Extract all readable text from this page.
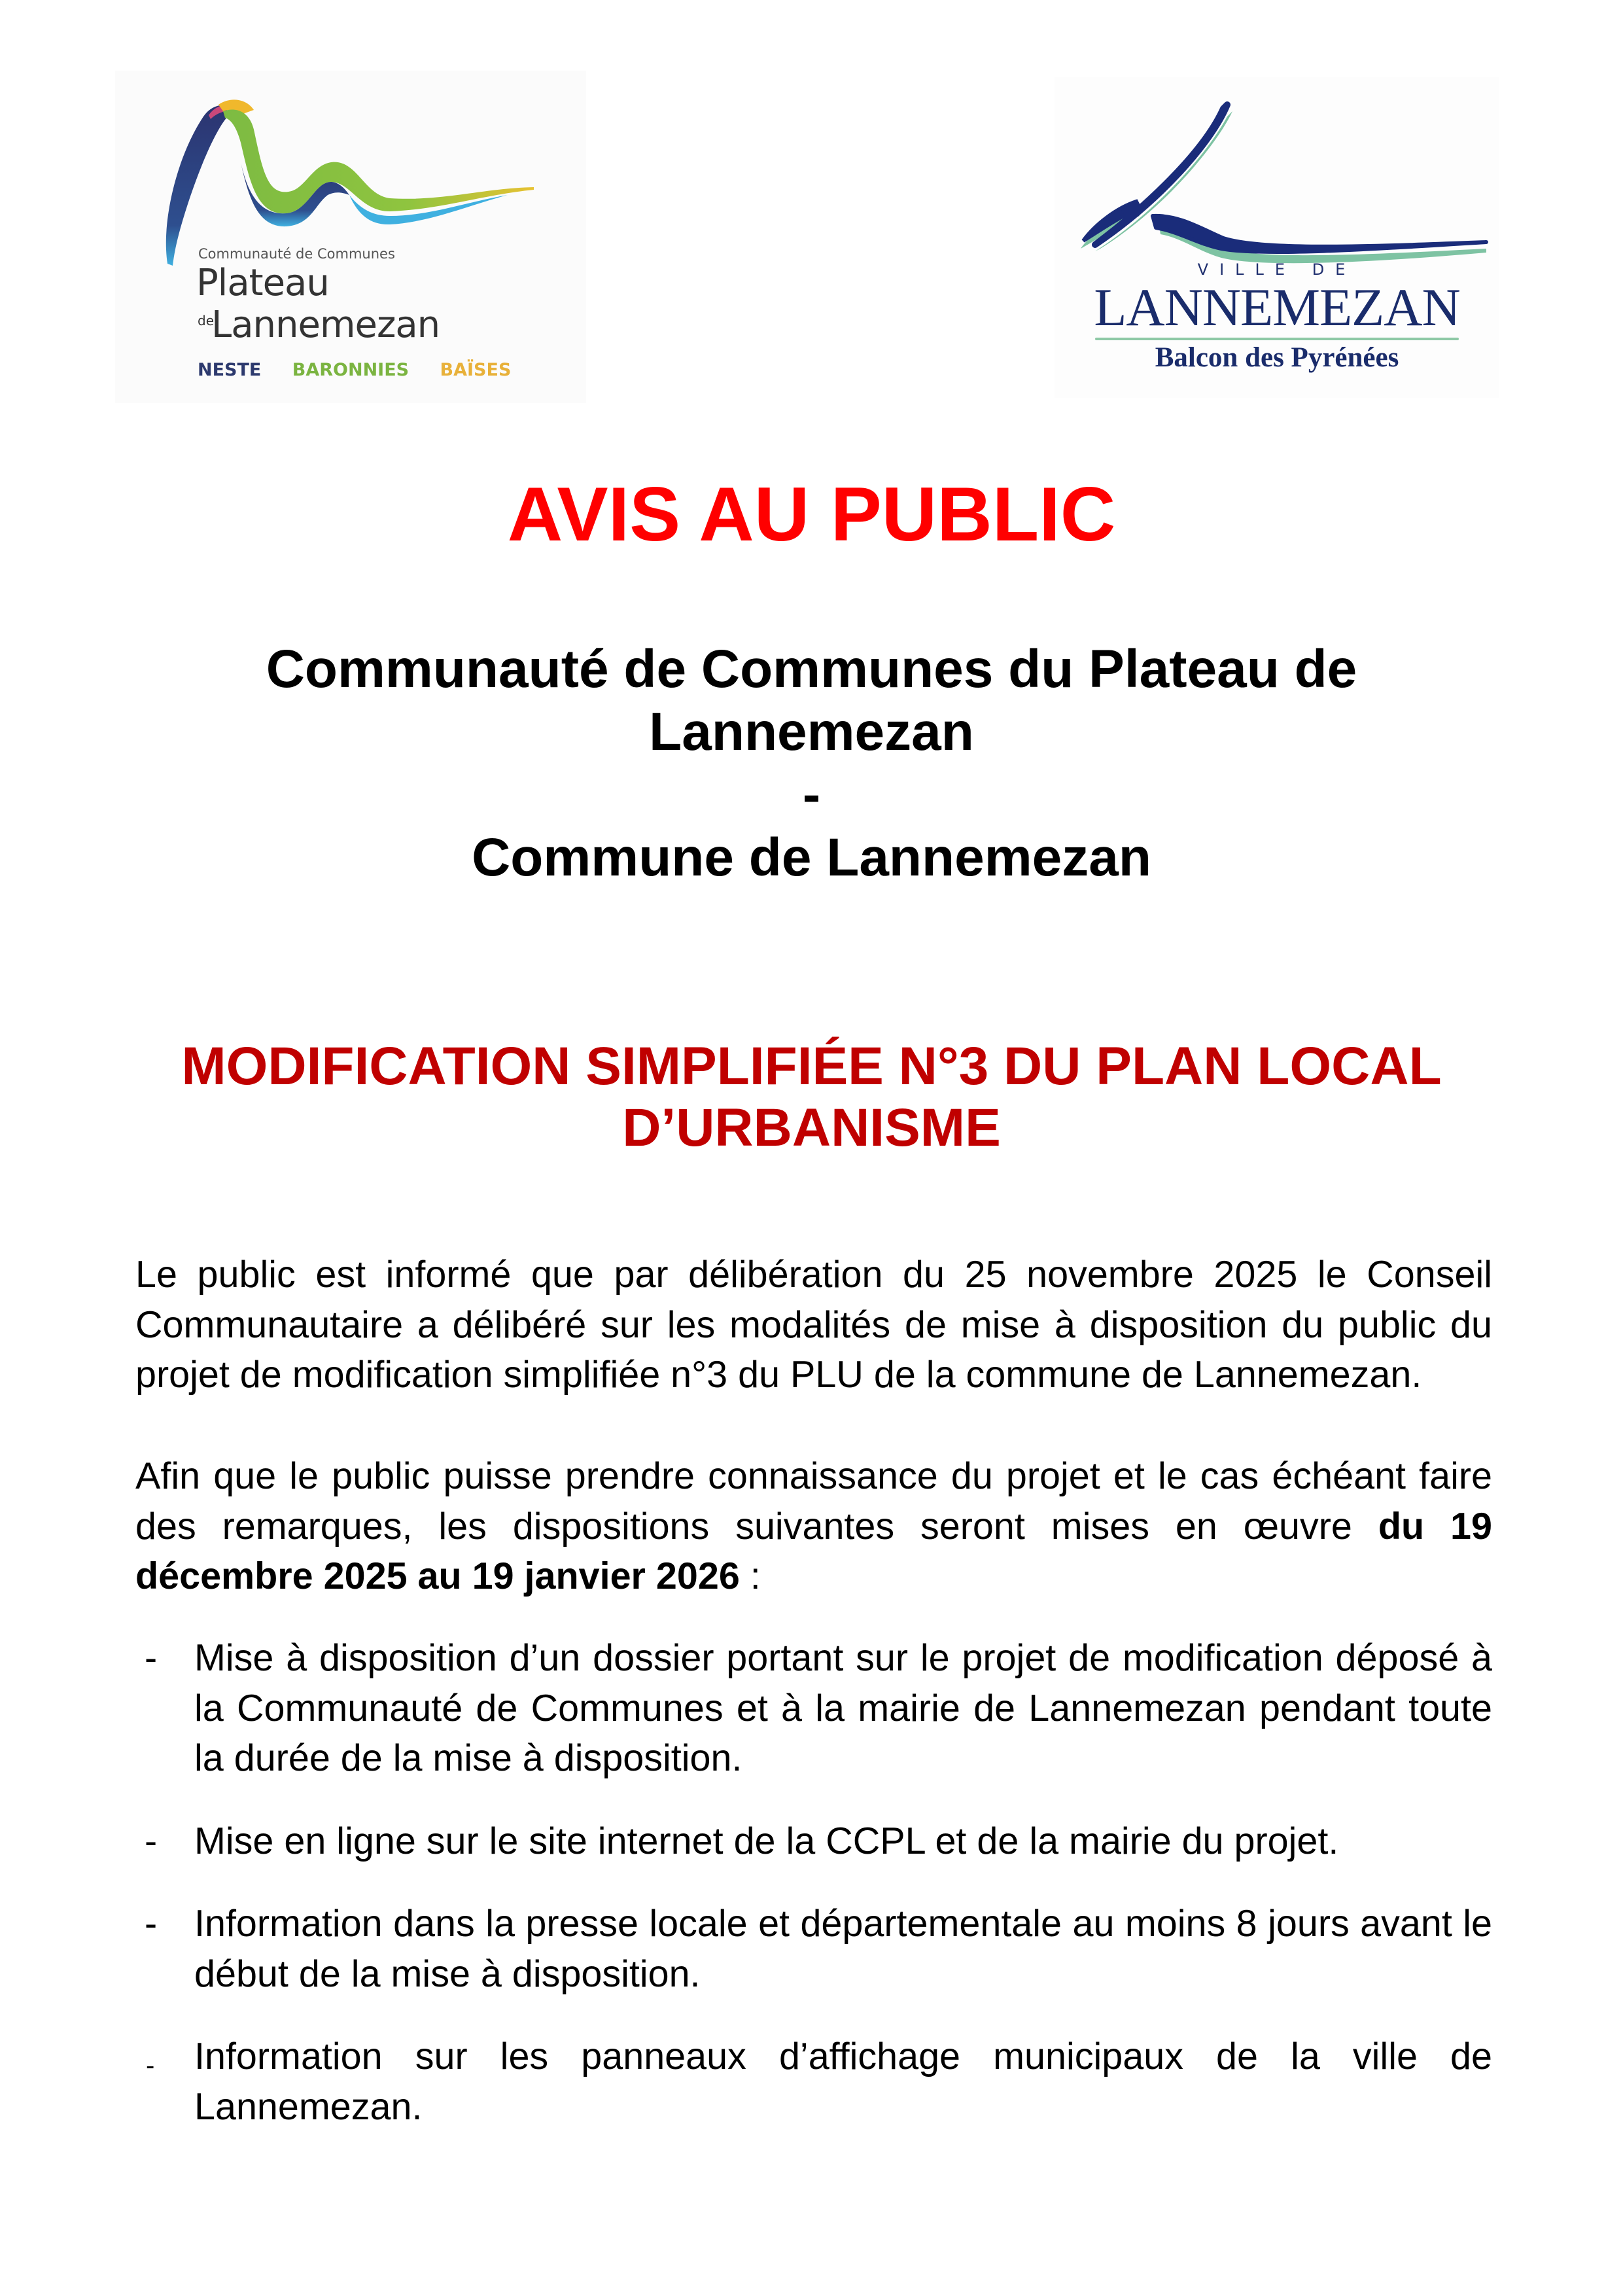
Communauté de Communes
Plateau
de
Lannemezan
NESTE BARONNIES BAÏSES
VILLE DE
LANNEMEZAN
Balcon des Pyrénées
AVIS AU PUBLIC
Communauté de Communes du Plateau de
Lannemezan
-
Commune de Lannemezan
MODIFICATION SIMPLIFIÉE N°3 DU PLAN LOCAL
D’URBANISME
Le public est informé que par délibération du 25 novembre 2025 le Conseil Communautaire a délibéré sur les modalités de mise à disposition du public du projet de modification simplifiée n°3 du PLU de la commune de Lannemezan.
Afin que le public puisse prendre connaissance du projet et le cas échéant faire des remarques, les dispositions suivantes seront mises en œuvre du 19 décembre 2025 au 19 janvier 2026 :
- Mise à disposition d’un dossier portant sur le projet de modification déposé à la Communauté de Communes et à la mairie de Lannemezan pendant toute la durée de la mise à disposition.
- Mise en ligne sur le site internet de la CCPL et de la mairie du projet.
- Information dans la presse locale et départementale au moins 8 jours avant le début de la mise à disposition.
- Information sur les panneaux d’affichage municipaux de la ville de Lannemezan.
